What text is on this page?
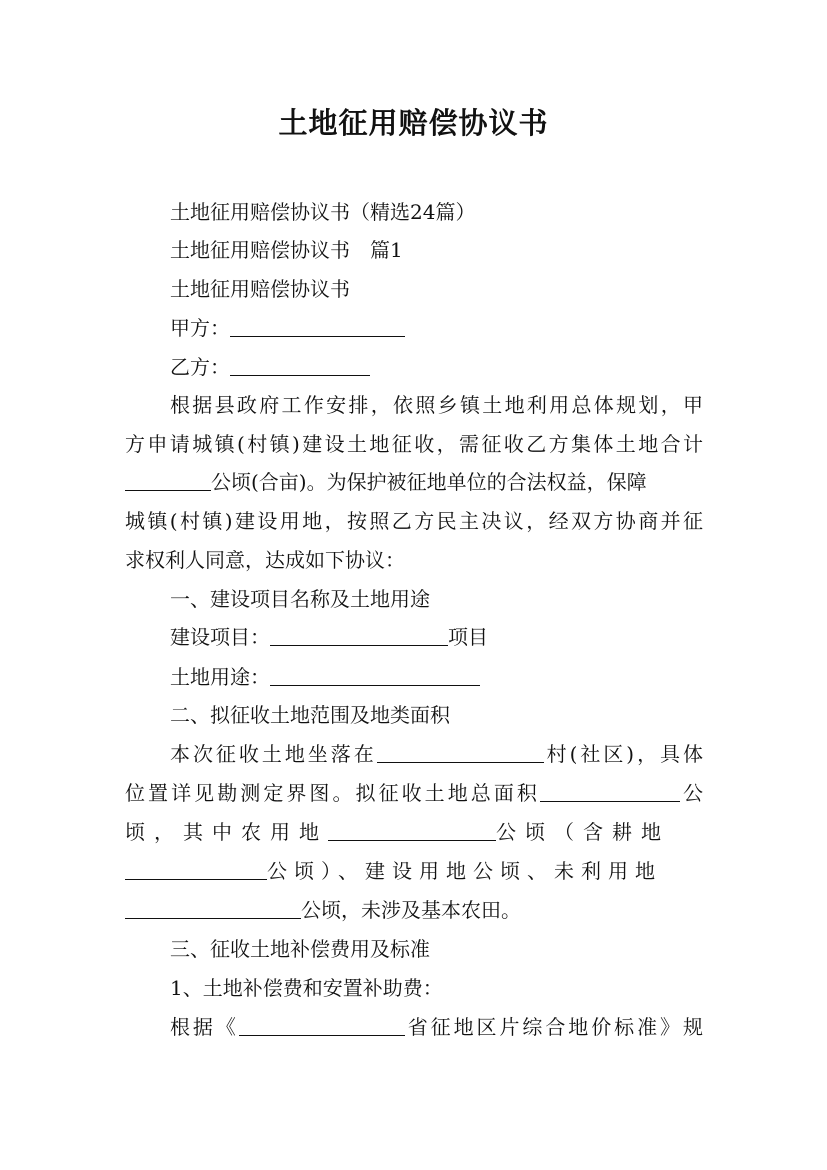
土地征用赔偿协议书
土地征用赔偿协议书（精选24篇）
土地征用赔偿协议书　篇1
土地征用赔偿协议书
甲方：
乙方：
根据县政府工作安排，依照乡镇土地利用总体规划，甲
方申请城镇(村镇)建设土地征收，需征收乙方集体土地合计
公顷(合亩)。为保护被征地单位的合法权益，保障
城镇(村镇)建设用地，按照乙方民主决议，经双方协商并征
求权利人同意，达成如下协议：
一、建设项目名称及土地用途
建设项目：	项目
土地用途：
二、拟征收土地范围及地类面积
本次征收土地坐落在	村(社区)，具体
位置详见勘测定界图。拟征收土地总面积	公
顷，其中农用地	公顷（含耕地
公顷）、建设用地公顷、未利用地
公顷，未涉及基本农田。
三、征收土地补偿费用及标准
1、土地补偿费和安置补助费：
根据《	省征地区片综合地价标准》规
